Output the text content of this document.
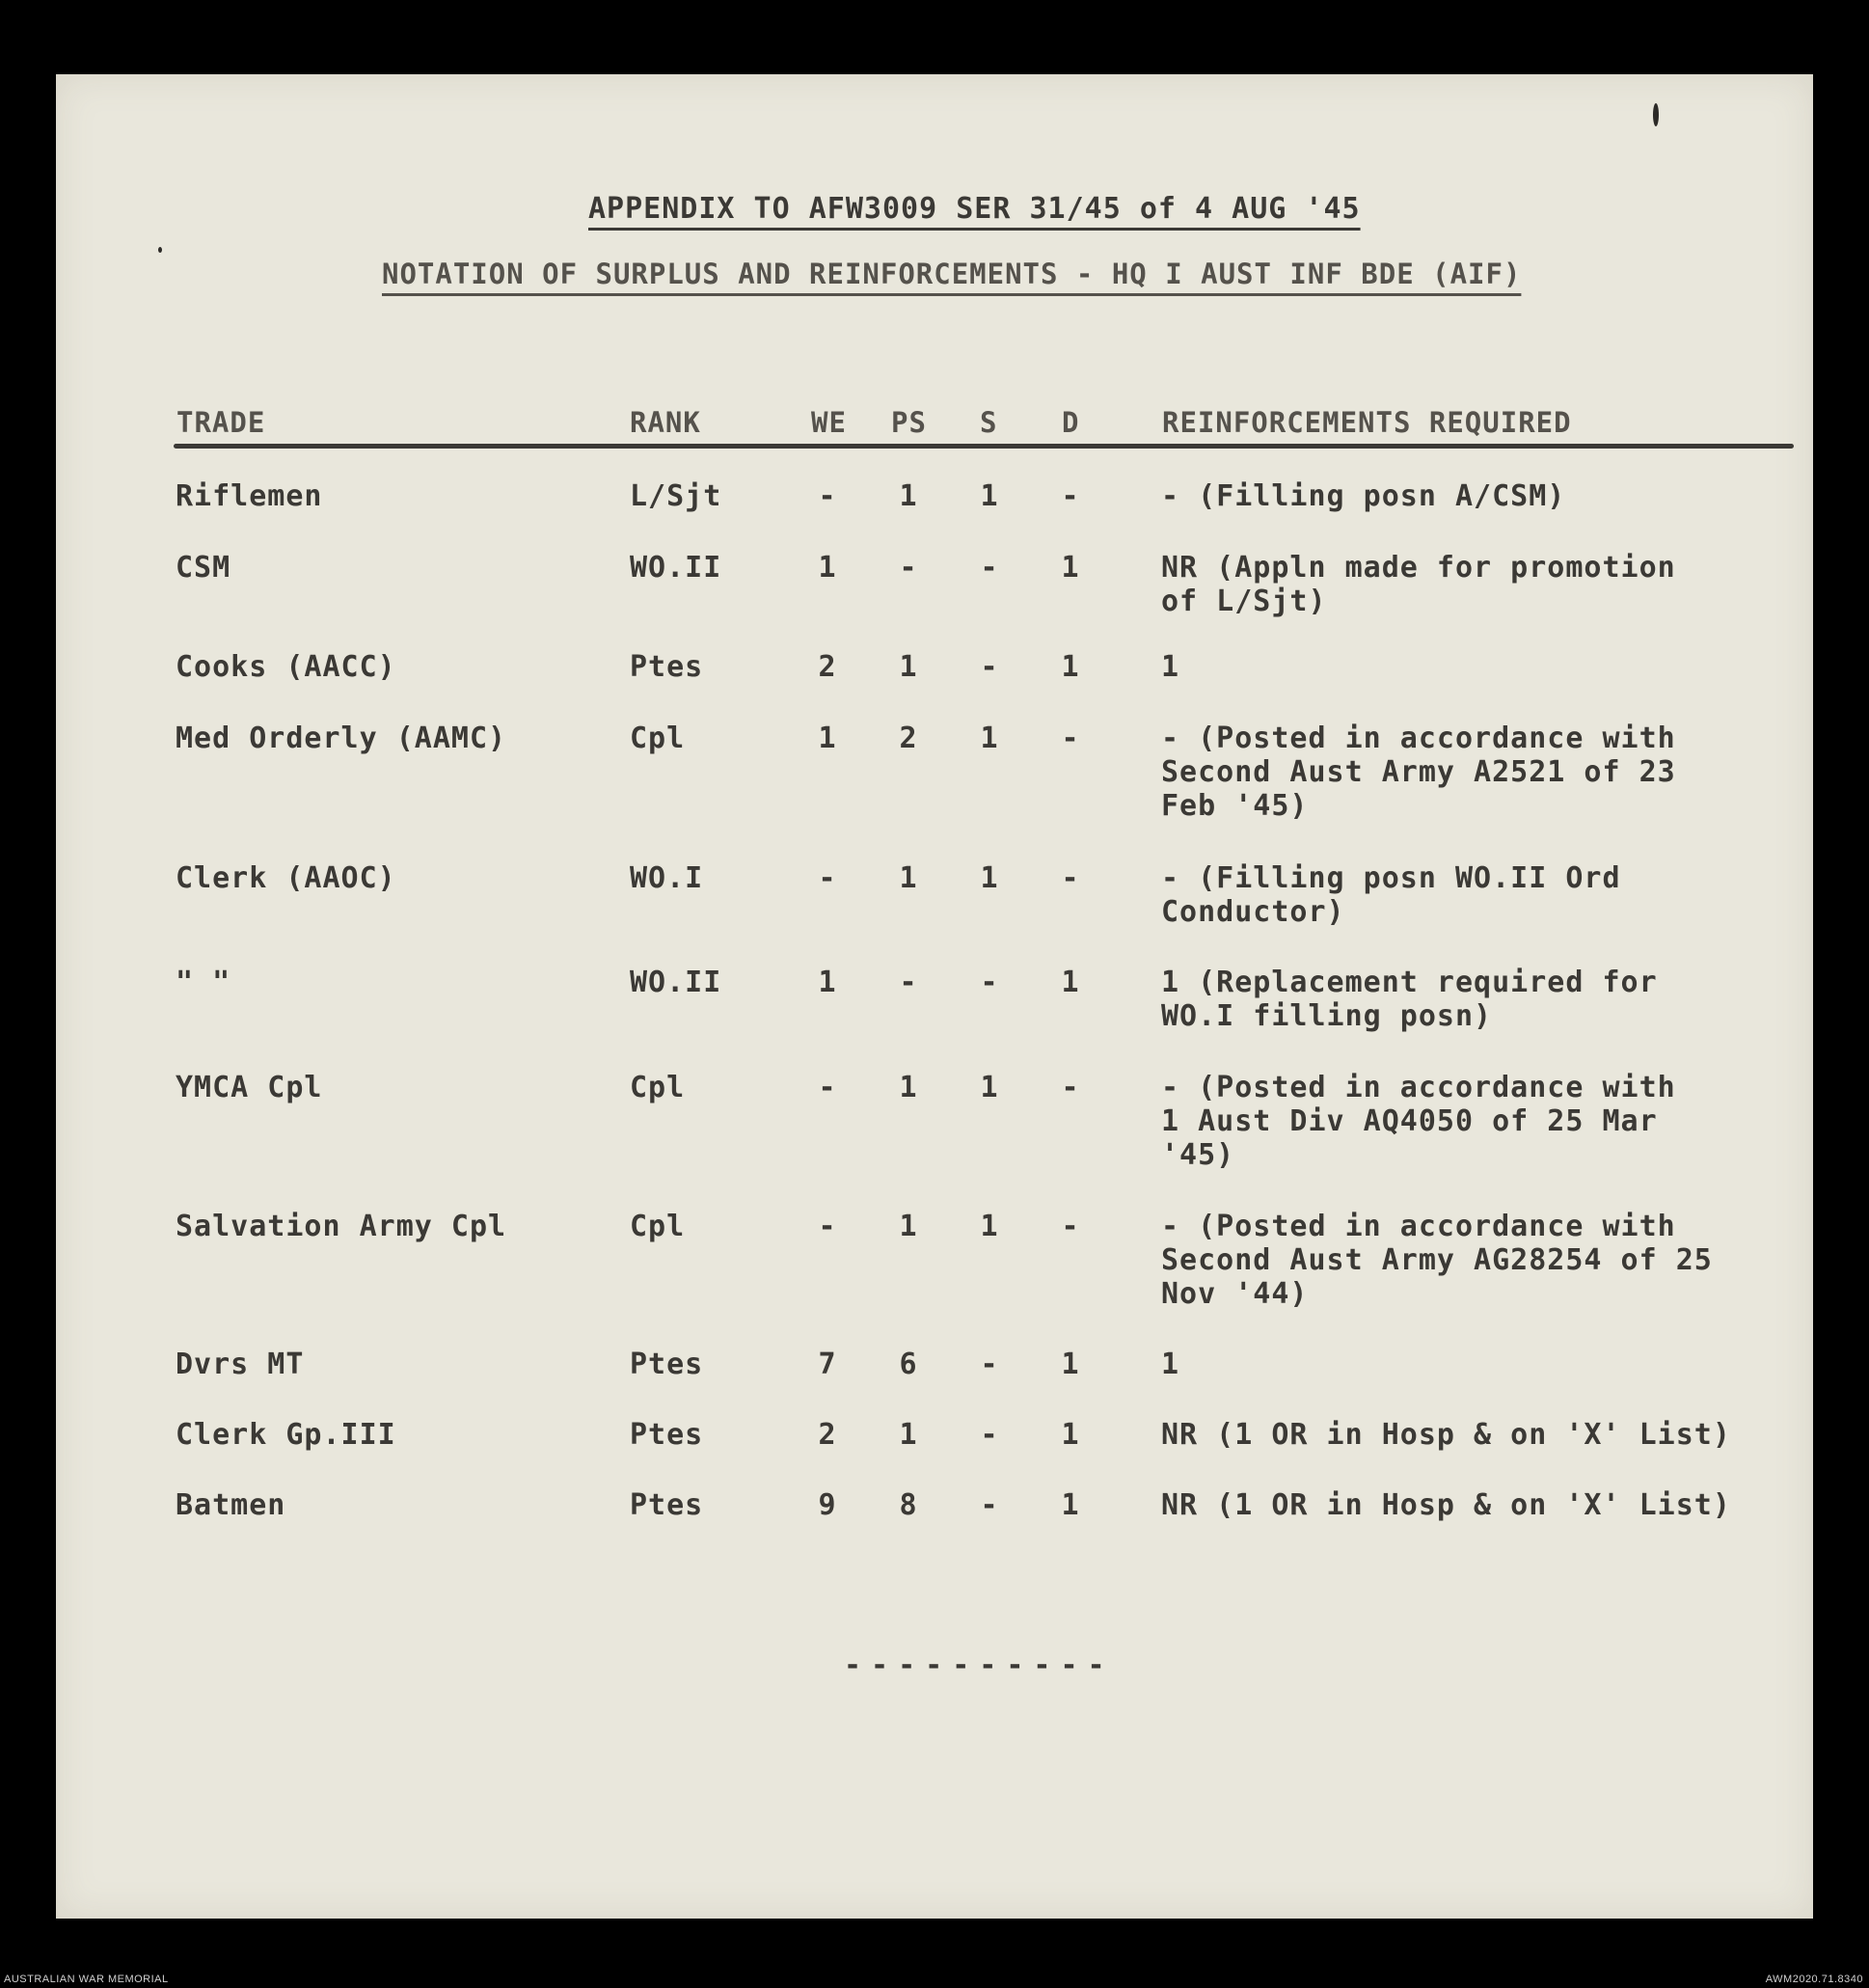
APPENDIX TO AFW3009 SER 31/45 of 4 AUG '45
NOTATION OF SURPLUS AND REINFORCEMENTS - HQ I AUST INF BDE (AIF)
TRADE	RANK	WE PS S D	REINFORCEMENTS REQUIRED
Riflemen	L/Sjt	-	1	1	-	- (Filling posn A/CSM)
CSM	WO.II	1	-	-	1	NR (Appln made for promotion
of L/Sjt)
Cooks (AACC)	Ptes	2	1	-	1	1
Med Orderly (AAMC)	Cpl	1	2	1	-	- (Posted in accordance with
Second Aust Army A2521 of 23
Feb '45)
Clerk (AAOC)	WO.I	-	1	1	-	- (Filling posn WO.II Ord
Conductor)
" "	WO.II	1	-	-	1	1 (Replacement required for
WO.I filling posn)
YMCA Cpl	Cpl	-	1	1	-	- (Posted in accordance with
1 Aust Div AQ4050 of 25 Mar
'45)
Salvation Army Cpl	Cpl	-	1	1	-	- (Posted in accordance with
Second Aust Army AG28254 of 25
Nov '44)
Dvrs MT	Ptes	7	6	-	1	1
Clerk Gp.III	Ptes	2	1	-	1	NR (1 OR in Hosp & on 'X' List)
Batmen	Ptes	9	8	-	1	NR (1 OR in Hosp & on 'X' List)
----------
AUSTRALIAN WAR MEMORIAL	AWM2020.71.8340
